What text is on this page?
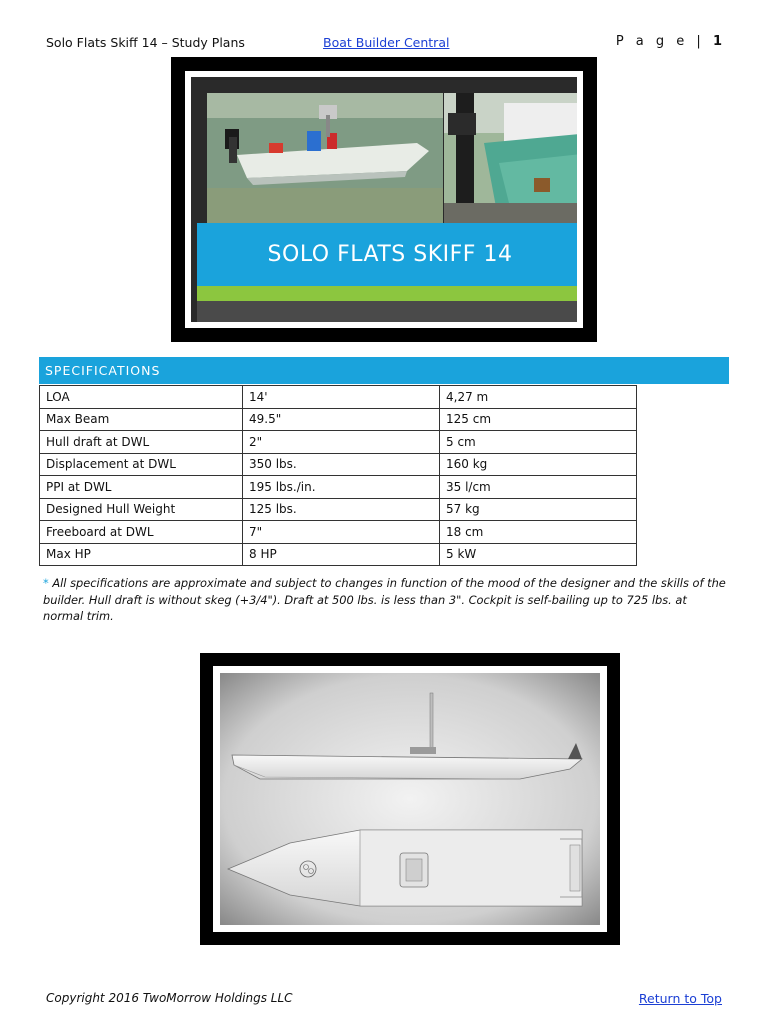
Solo Flats Skiff 14 – Study Plans	Boat Builder Central	P a g e | 1
SOLO FLATS SKIFF 14
SPECIFICATIONS
LOA	14'	4,27 m
Max Beam	49.5"	125 cm
Hull draft at DWL	2"	5 cm
Displacement at DWL	350 lbs.	160 kg
PPI at DWL	195 lbs./in.	35 l/cm
Designed Hull Weight	125 lbs.	57 kg
Freeboard at DWL	7"	18 cm
Max HP	8 HP	5 kW
* All specifications are approximate and subject to changes in function of the mood of the designer and the skills of the builder. Hull draft is without skeg (+3/4"). Draft at 500 lbs. is less than 3". Cockpit is self-bailing up to 725 lbs. at normal trim.
Copyright 2016 TwoMorrow Holdings LLC	Return to Top
